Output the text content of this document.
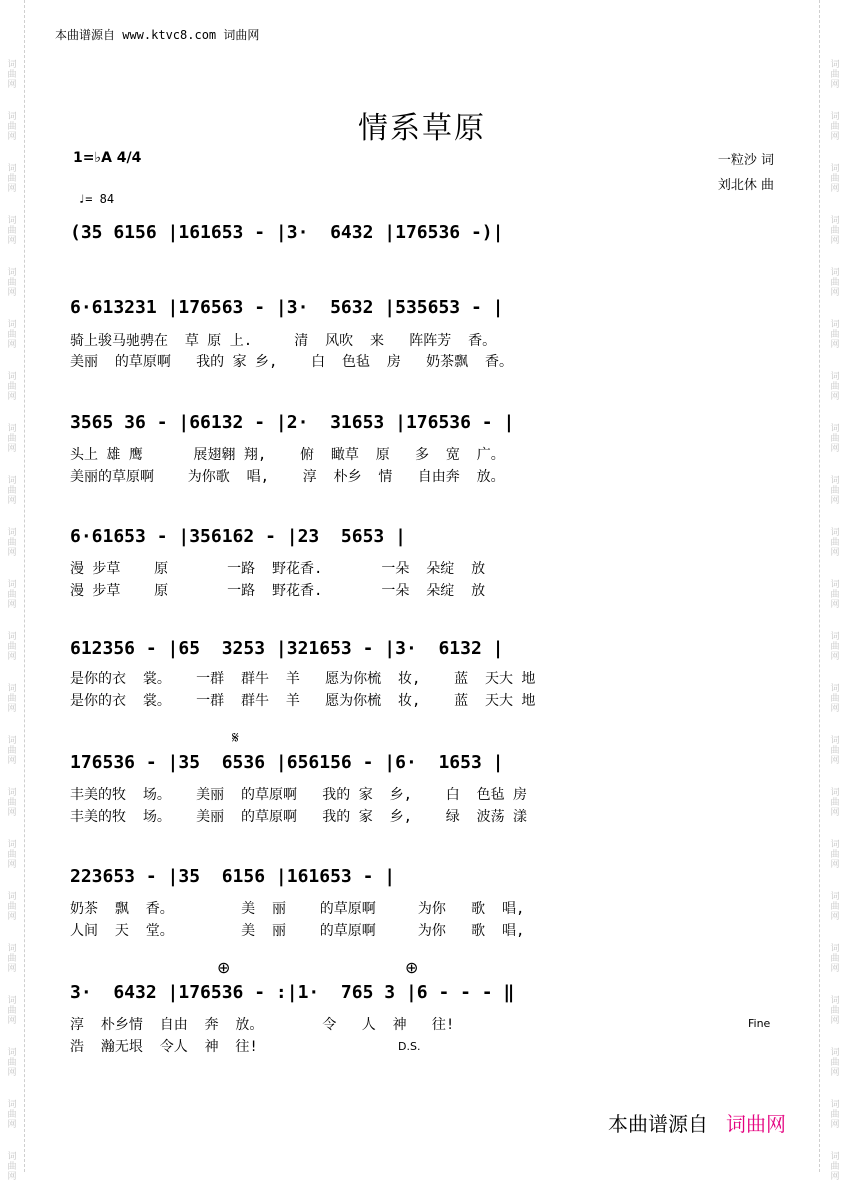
词
曲
网
词
曲
网
词
曲
网
词
曲
网
词
曲
网
词
曲
网
词
曲
网
词
曲
网
词
曲
网
词
曲
网
词
曲
网
词
曲
网
词
曲
网
词
曲
网
词
曲
网
词
曲
网
词
曲
网
词
曲
网
词
曲
网
词
曲
网
词
曲
网
词
曲
网
词
曲
网
词
曲
网
词
曲
网
词
曲
网
词
曲
网
词
曲
网
词
曲
网
词
曲
网
词
曲
网
词
曲
网
词
曲
网
词
曲
网
词
曲
网
词
曲
网
词
曲
网
词
曲
网
词
曲
网
词
曲
网
词
曲
网
词
曲
网
词
曲
网
词
曲
网
本曲谱源自 www.ktvc8.com 词曲网
情系草原
一粒沙 词
刘北休 曲
1=♭A 4/4
♩= 84
(35 6156 |161653 - |3·  6432 |176536 -)|
6·613231 |176563 - |3·  5632 |535653 - |
骑上骏马驰骋在  草 原 上.     清  风吹  来   阵阵芳  香。
美丽  的草原啊   我的 家 乡,    白  色毡  房   奶茶飘  香。
3565 36 - |66132 - |2·  31653 |176536 - |
头上 雄 鹰      展翅翱 翔,    俯  瞰草  原   多  宽  广。
美丽的草原啊    为你歌  唱,    淳  朴乡  情   自由奔  放。
6·61653 - |356162 - |23  5653 |
漫 步草    原       一路  野花香.       一朵  朵绽  放
漫 步草    原       一路  野花香.       一朵  朵绽  放
612356 - |65  3253 |321653 - |3·  6132 |
是你的衣  裳。   一群  群牛  羊   愿为你梳  妆,    蓝  天大 地
是你的衣  裳。   一群  群牛  羊   愿为你梳  妆,    蓝  天大 地
𝄋
176536 - |35  6536 |656156 - |6·  1653 |
丰美的牧  场。   美丽  的草原啊   我的 家  乡,    白  色毡 房
丰美的牧  场。   美丽  的草原啊   我的 家  乡,    绿  波荡 漾
223653 - |35  6156 |161653 - |
奶茶  飘  香。        美  丽    的草原啊     为你   歌  唱,
人间  天  堂。        美  丽    的草原啊     为你   歌  唱,
⊕	⊕
3·  6432 |176536 - :|1·  765 3 |6 - - - ‖
淳  朴乡情  自由  奔  放。       令   人  神   往!
浩  瀚无垠  令人  神  往!	D.S.
Fine
本曲谱源自 词曲网
